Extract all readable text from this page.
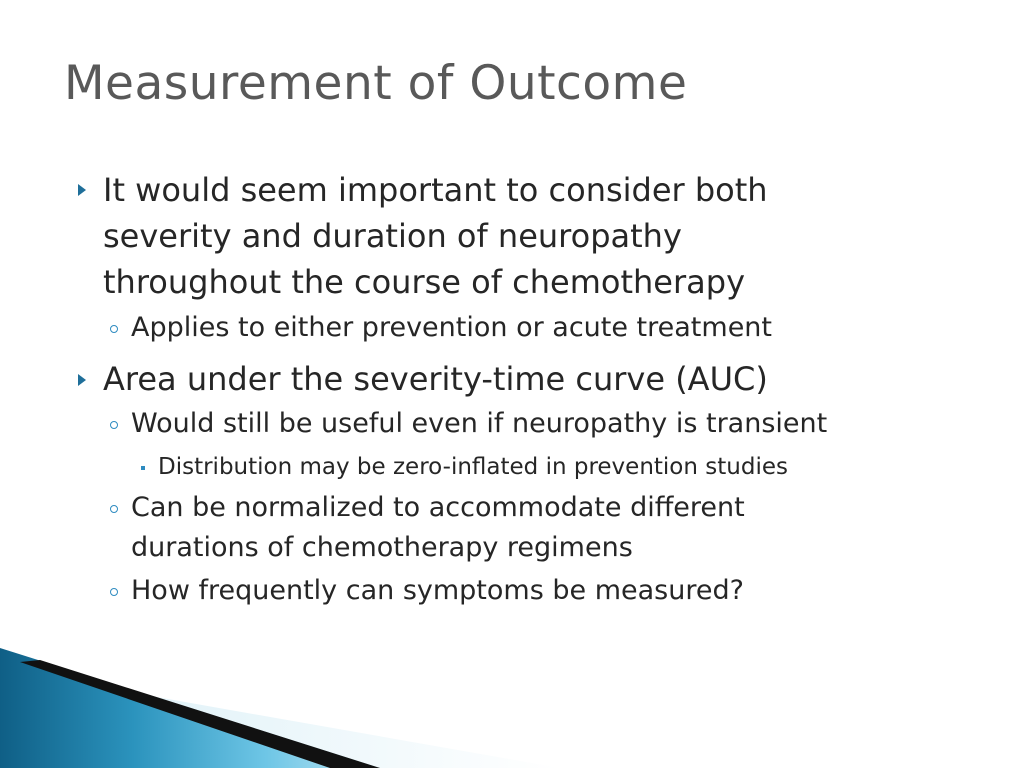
Measurement of Outcome
It would seem important to consider both
severity and duration of neuropathy
throughout the course of chemotherapy
Applies to either prevention or acute treatment
Area under the severity-time curve (AUC)
Would still be useful even if neuropathy is transient
Distribution may be zero-inflated in prevention studies
Can be normalized to accommodate different
durations of chemotherapy regimens
How frequently can symptoms be measured?
